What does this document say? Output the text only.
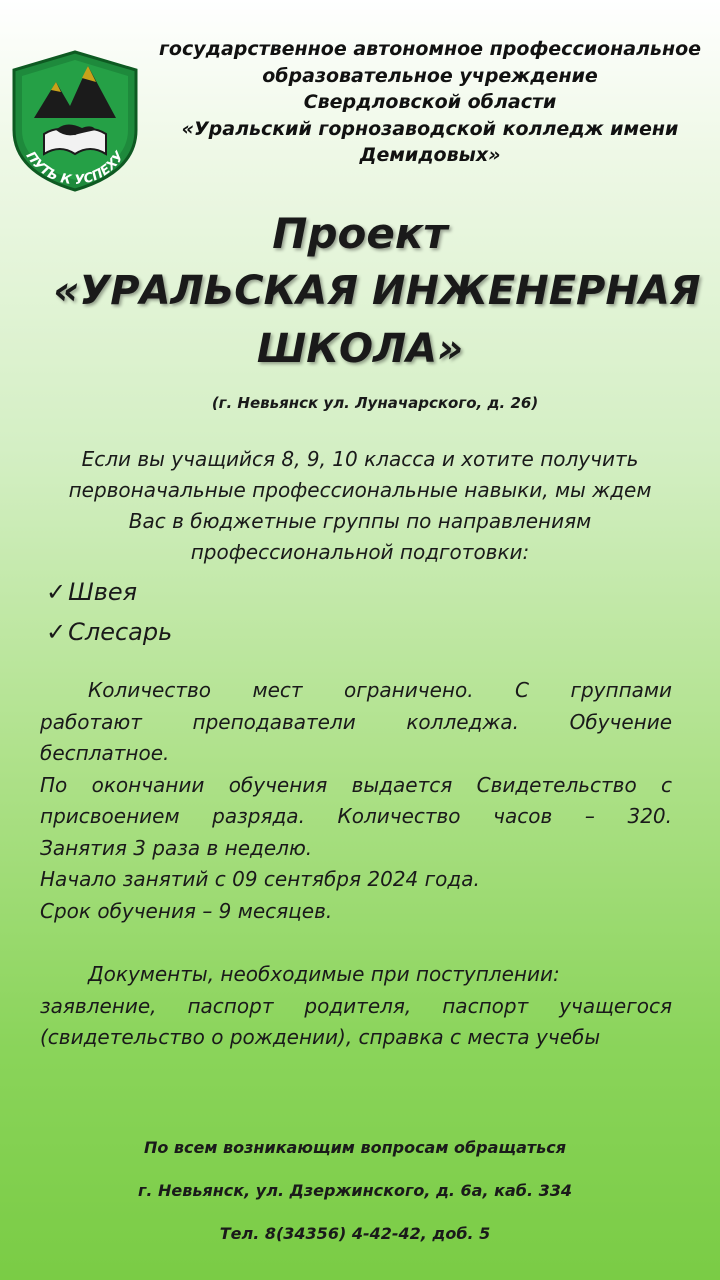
ПУТЬ К УСПЕХУ
государственное автономное профессиональное
образовательное учреждение
Свердловской области
«Уральский горнозаводской колледж имени
Демидовых»
Проект
«УРАЛЬСКАЯ ИНЖЕНЕРНАЯ
ШКОЛА»
(г. Невьянск ул. Луначарского, д. 26)
Если вы учащийся 8, 9, 10 класса и хотите получить
первоначальные профессиональные навыки, мы ждем
Вас в бюджетные группы по направлениям
профессиональной подготовки:
✓Швея
✓Слесарь
Количество мест ограничено. С группами
работают преподаватели колледжа. Обучение
бесплатное.
По окончании обучения выдается Свидетельство с
присвоением разряда. Количество часов – 320.
Занятия 3 раза в неделю.
Начало занятий с 09 сентября 2024 года.
Срок обучения – 9 месяцев.
Документы, необходимые при поступлении:
заявление, паспорт родителя, паспорт учащегося
(свидетельство о рождении), справка с места учебы
По всем возникающим вопросам обращаться
г. Невьянск, ул. Дзержинского, д. 6а, каб. 334
Тел. 8(34356) 4-42-42, доб. 5
